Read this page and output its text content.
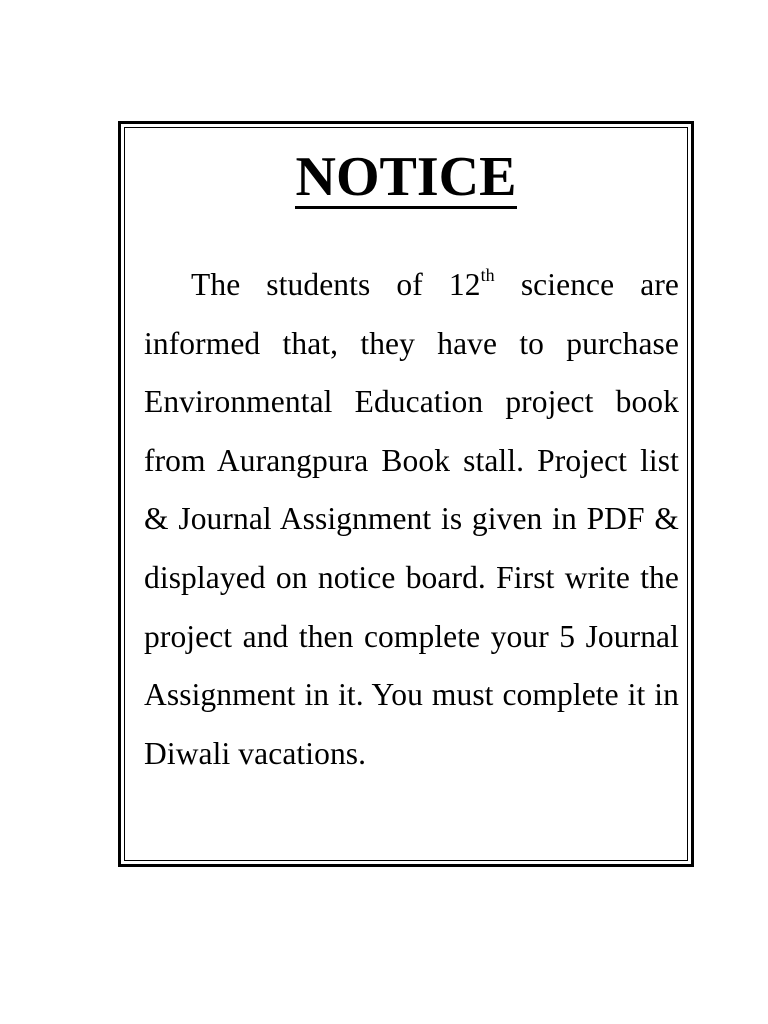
NOTICE

The students of 12th science are informed that, they have to purchase Environmental Education project book from Aurangpura Book stall. Project list & Journal Assignment is given in PDF & displayed on notice board. First write the project and then complete your 5 Journal Assignment in it. You must complete it in Diwali vacations.
